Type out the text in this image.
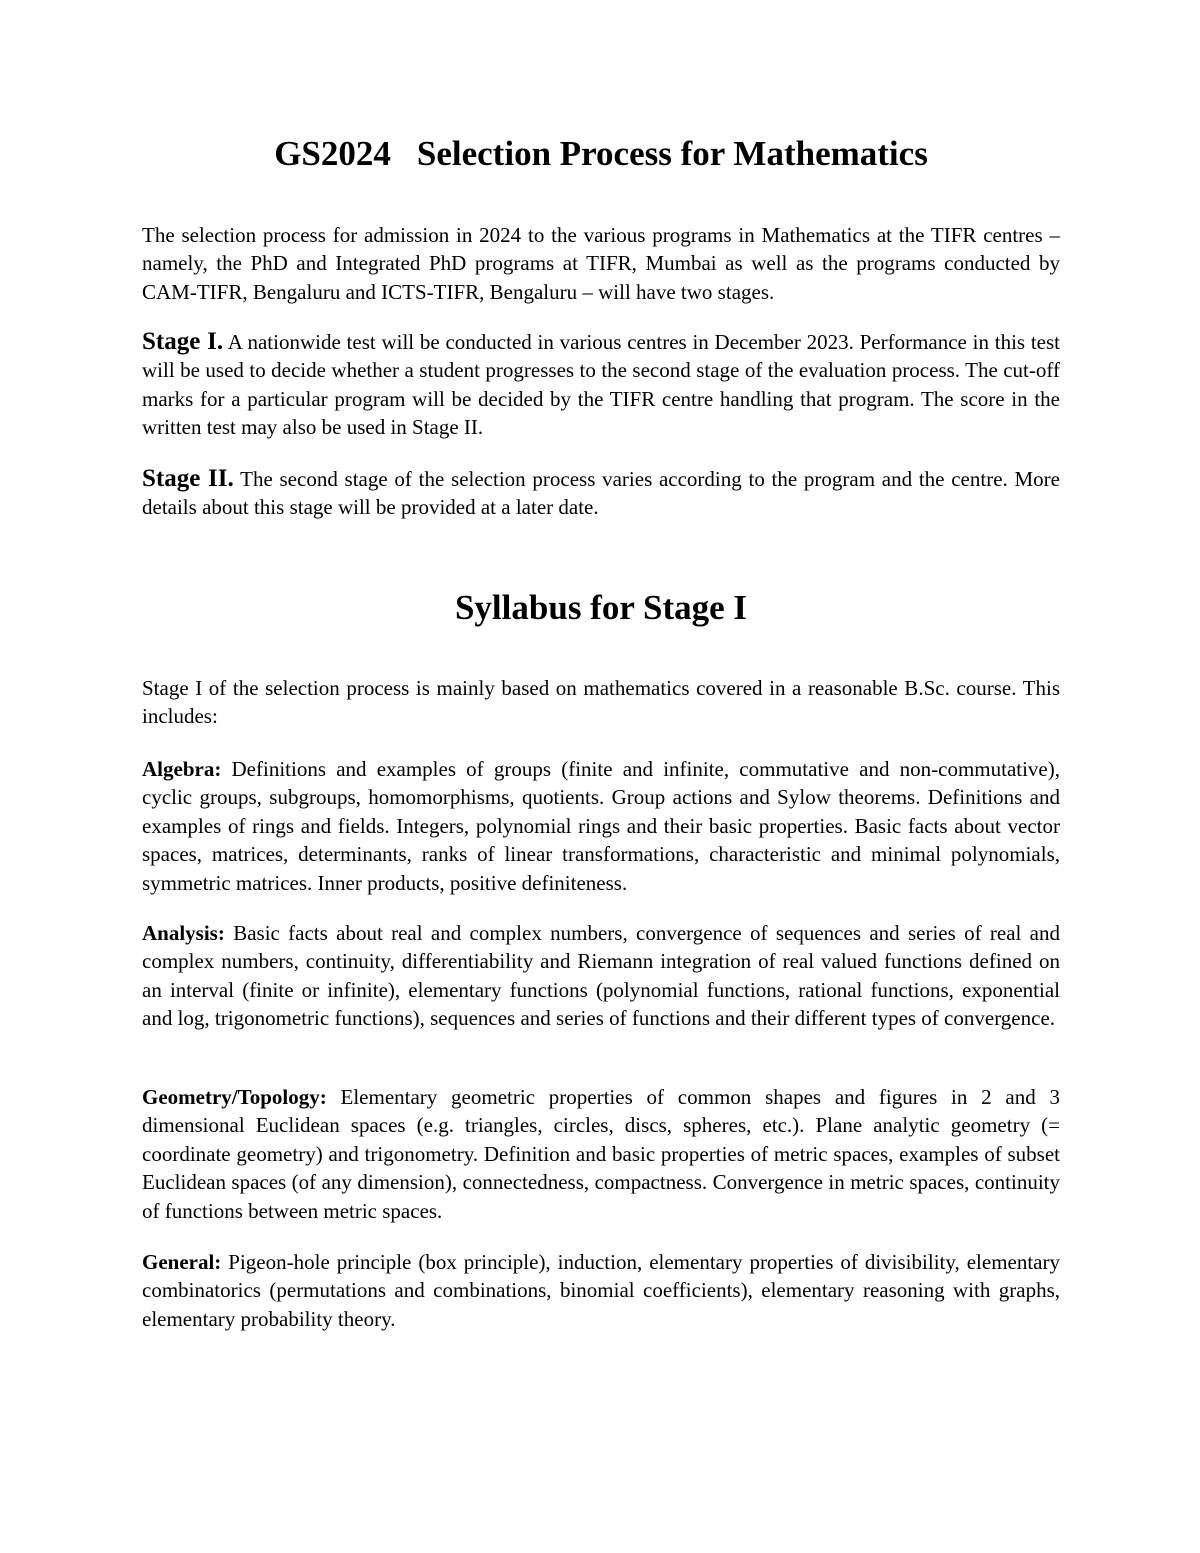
GS2024 Selection Process for Mathematics

The selection process for admission in 2024 to the various programs in Mathematics at the TIFR centres – namely, the PhD and Integrated PhD programs at TIFR, Mumbai as well as the programs conducted by CAM-TIFR, Bengaluru and ICTS-TIFR, Bengaluru – will have two stages.

Stage I. A nationwide test will be conducted in various centres in December 2023. Performance in this test will be used to decide whether a student progresses to the second stage of the evaluation process. The cut-off marks for a particular program will be decided by the TIFR centre handling that program. The score in the written test may also be used in Stage II.

Stage II. The second stage of the selection process varies according to the program and the centre. More details about this stage will be provided at a later date.

Syllabus for Stage I

Stage I of the selection process is mainly based on mathematics covered in a reasonable B.Sc. course. This includes:

Algebra: Definitions and examples of groups (finite and infinite, commutative and non-commutative), cyclic groups, subgroups, homomorphisms, quotients. Group actions and Sylow theorems. Definitions and examples of rings and fields. Integers, polynomial rings and their basic properties. Basic facts about vector spaces, matrices, determinants, ranks of linear transformations, characteristic and minimal polynomials, symmetric matrices. Inner products, positive definiteness.

Analysis: Basic facts about real and complex numbers, convergence of sequences and series of real and complex numbers, continuity, differentiability and Riemann integration of real valued functions defined on an interval (finite or infinite), elementary functions (polynomial functions, rational functions, exponential and log, trigonometric functions), sequences and series of functions and their different types of convergence.

Geometry/Topology: Elementary geometric properties of common shapes and figures in 2 and 3 dimensional Euclidean spaces (e.g. triangles, circles, discs, spheres, etc.). Plane analytic geometry (= coordinate geometry) and trigonometry. Definition and basic properties of metric spaces, examples of subset Euclidean spaces (of any dimension), connectedness, compactness. Convergence in metric spaces, continuity of functions between metric spaces.

General: Pigeon-hole principle (box principle), induction, elementary properties of divisibility, elementary combinatorics (permutations and combinations, binomial coefficients), elementary reasoning with graphs, elementary probability theory.
